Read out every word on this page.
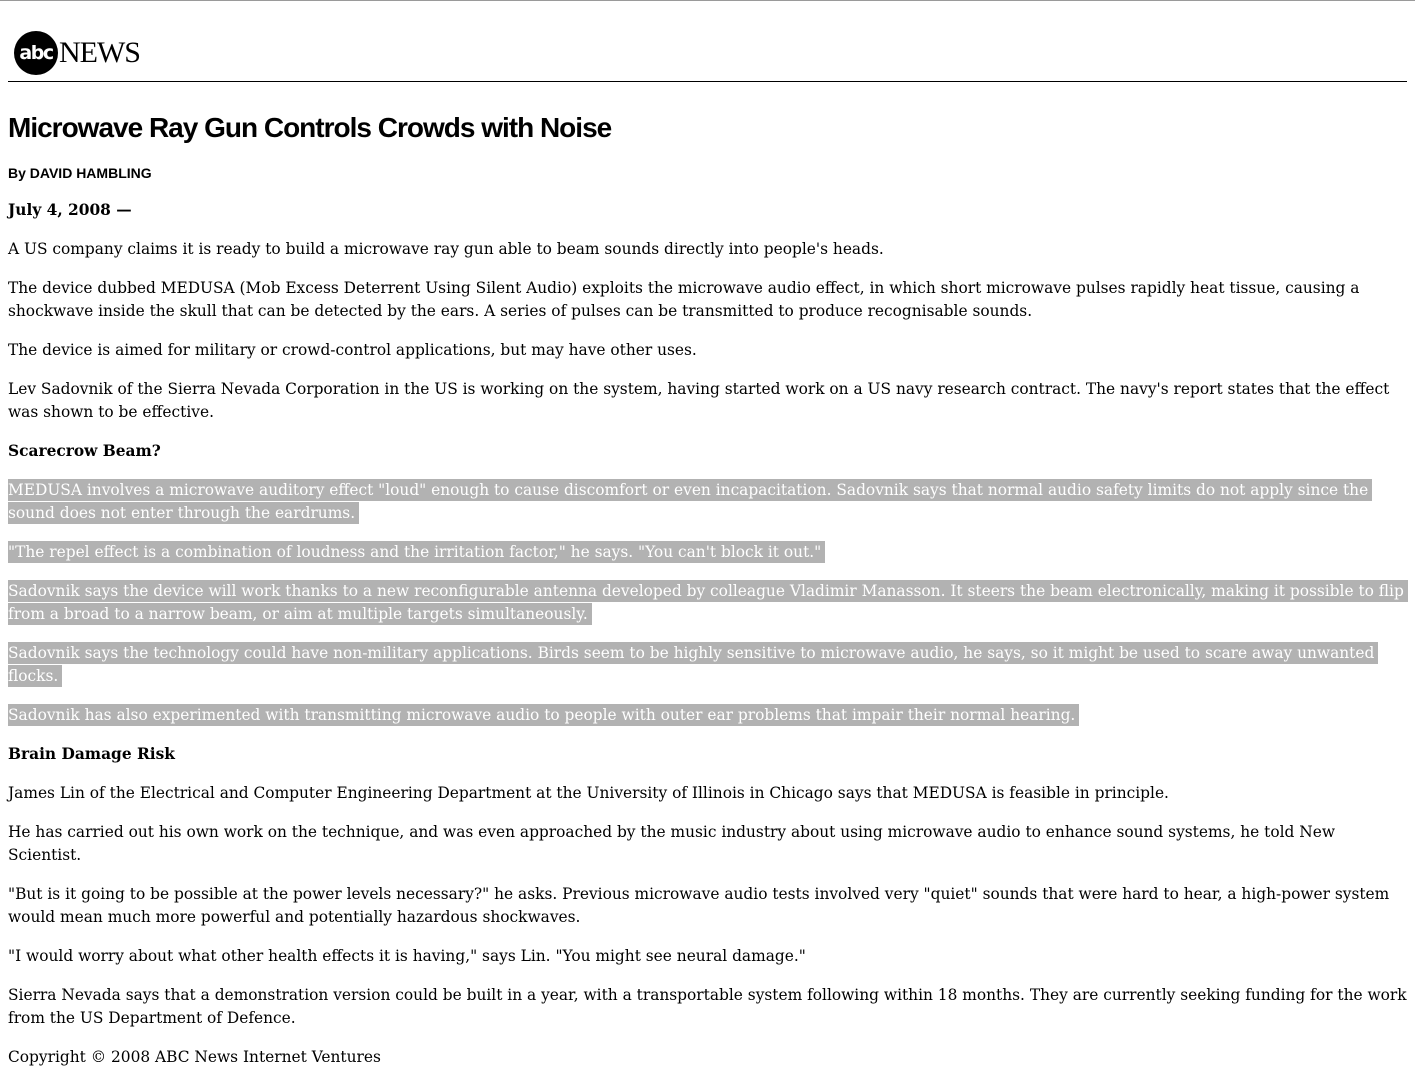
abc NEWS
Microwave Ray Gun Controls Crowds with Noise
By DAVID HAMBLING

July 4, 2008 —

A US company claims it is ready to build a microwave ray gun able to beam sounds directly into people's heads.

The device dubbed MEDUSA (Mob Excess Deterrent Using Silent Audio) exploits the microwave audio effect, in which short microwave pulses rapidly heat tissue, causing a shockwave inside the skull that can be detected by the ears. A series of pulses can be transmitted to produce recognisable sounds.

The device is aimed for military or crowd-control applications, but may have other uses.

Lev Sadovnik of the Sierra Nevada Corporation in the US is working on the system, having started work on a US navy research contract. The navy's report states that the effect was shown to be effective.

Scarecrow Beam?

MEDUSA involves a microwave auditory effect "loud" enough to cause discomfort or even incapacitation. Sadovnik says that normal audio safety limits do not apply since the sound does not enter through the eardrums.

"The repel effect is a combination of loudness and the irritation factor," he says. "You can't block it out."

Sadovnik says the device will work thanks to a new reconfigurable antenna developed by colleague Vladimir Manasson. It steers the beam electronically, making it possible to flip from a broad to a narrow beam, or aim at multiple targets simultaneously.

Sadovnik says the technology could have non-military applications. Birds seem to be highly sensitive to microwave audio, he says, so it might be used to scare away unwanted flocks.

Sadovnik has also experimented with transmitting microwave audio to people with outer ear problems that impair their normal hearing.

Brain Damage Risk

James Lin of the Electrical and Computer Engineering Department at the University of Illinois in Chicago says that MEDUSA is feasible in principle.

He has carried out his own work on the technique, and was even approached by the music industry about using microwave audio to enhance sound systems, he told New Scientist.

"But is it going to be possible at the power levels necessary?" he asks. Previous microwave audio tests involved very "quiet" sounds that were hard to hear, a high-power system would mean much more powerful and potentially hazardous shockwaves.

"I would worry about what other health effects it is having," says Lin. "You might see neural damage."

Sierra Nevada says that a demonstration version could be built in a year, with a transportable system following within 18 months. They are currently seeking funding for the work from the US Department of Defence.

Copyright © 2008 ABC News Internet Ventures
